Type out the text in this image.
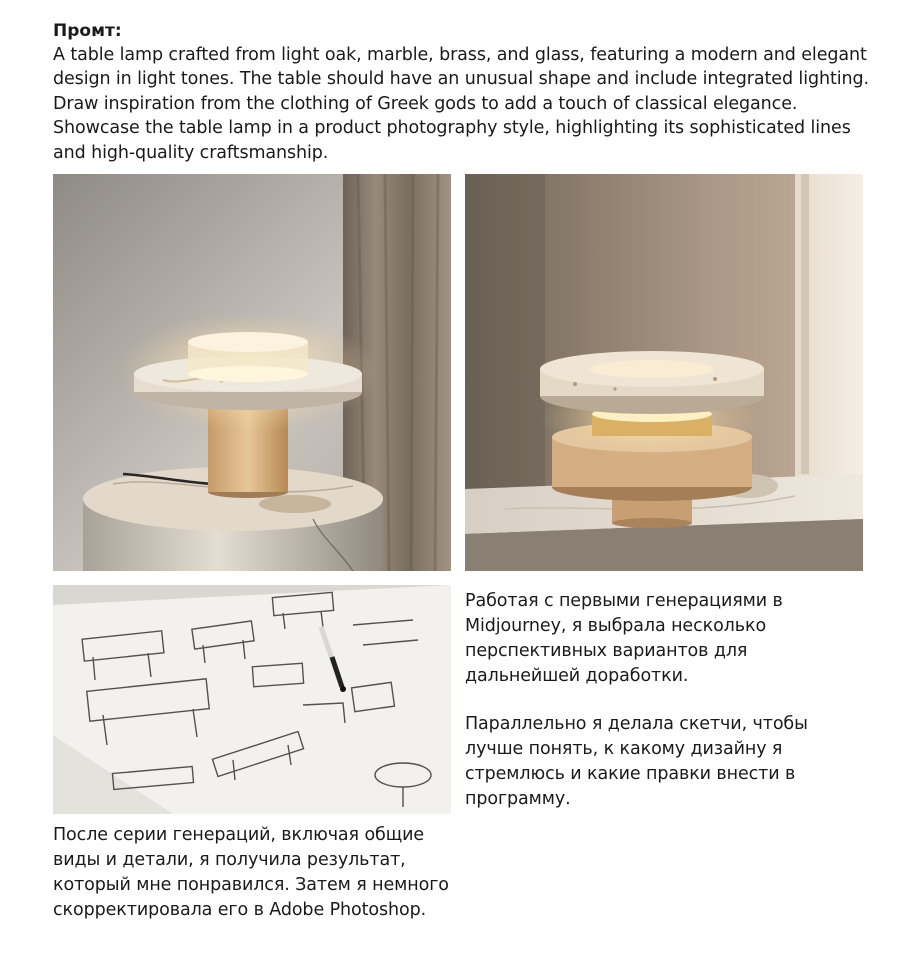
Промт:

A table lamp crafted from light oak, marble, brass, and glass, featuring a modern and elegant design in light tones. The table should have an unusual shape and include integrated lighting. Draw inspiration from the clothing of Greek gods to add a touch of classical elegance. Showcase the table lamp in a product photography style, highlighting its sophisticated lines and high-quality craftsmanship.

Работая с первыми генерациями в Midjourney, я выбрала несколько перспективных вариантов для дальнейшей доработки.

Параллельно я делала скетчи, чтобы лучше понять, к какому дизайну я стремлюсь и какие правки внести в программу.

После серии генераций, включая общие виды и детали, я получила результат, который мне понравился. Затем я немного скорректировала его в Adobe Photoshop.
